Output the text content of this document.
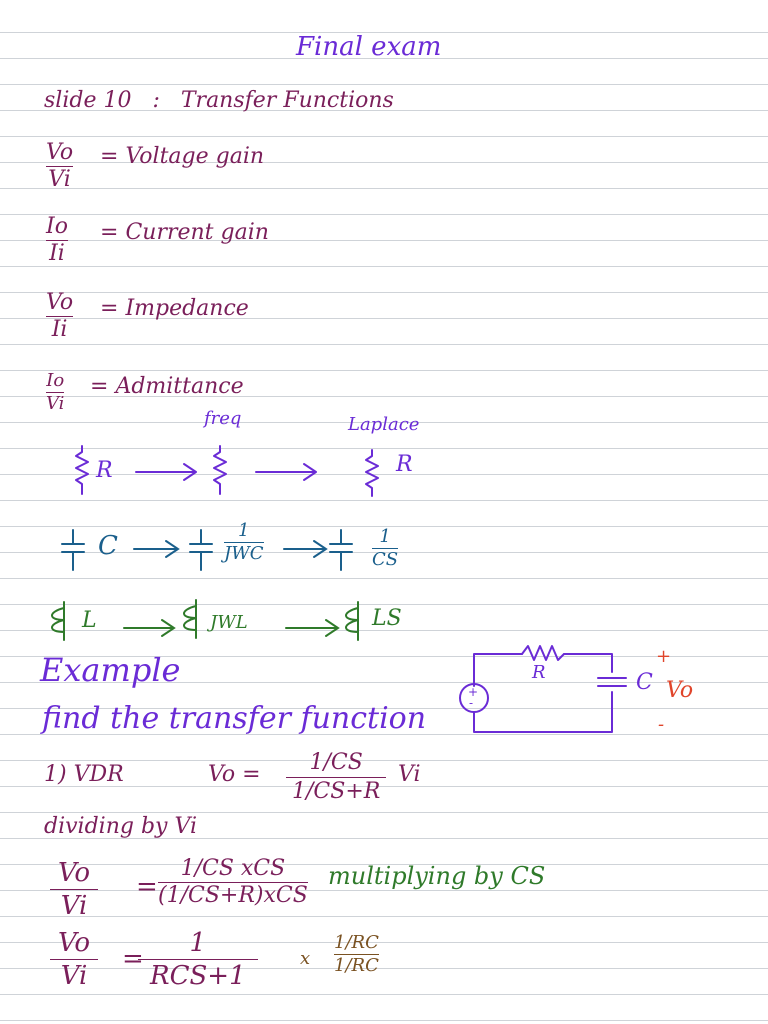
Final exam
slide 10 : Transfer Functions
Vo
Vi
= Voltage gain
Io
Ii
= Current gain
Vo
Ii
= Impedance
Io
Vi
= Admittance
freq	Laplace
R	R
C
1
JWC
1
CS
L	JWL	LS
Example
find the transfer function
+
-
R	C
+
Vo
-
1) VDR	Vo = 1/CS
1/CS+R
Vi
dividing by Vi
Vo
Vi
=
1/CS xCS
(1/CS+R)xCS
multiplying by CS
Vo
Vi
=
1
RCS+1
x
1/RC
1/RC
